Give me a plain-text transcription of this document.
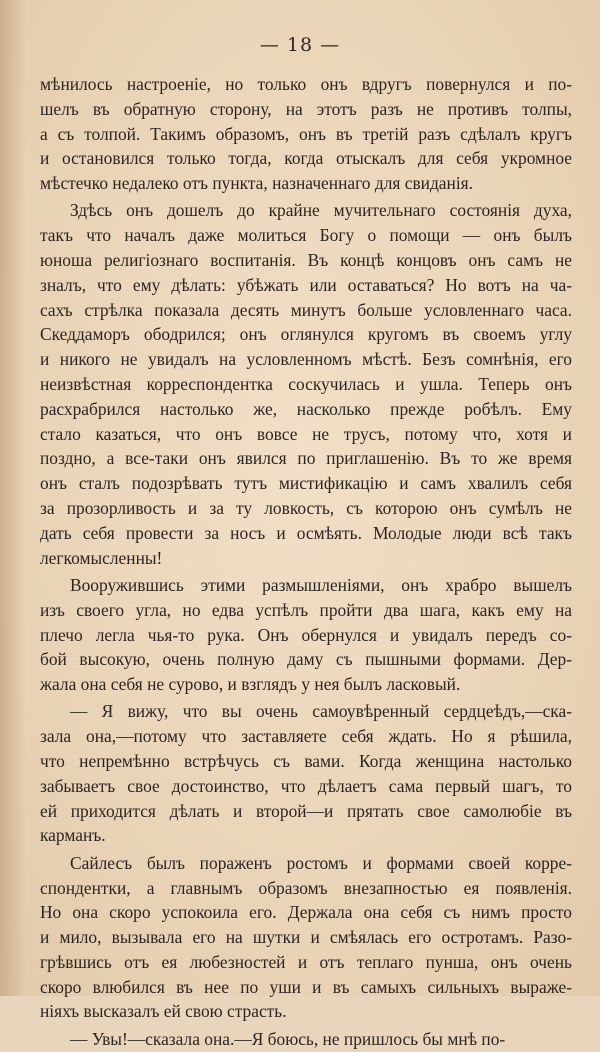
— 18 —
мѣнилось настроеніе, но только онъ вдругъ повернулся и по-
шелъ въ обратную сторону, на этотъ разъ не противъ толпы,
а съ толпой. Такимъ образомъ, онъ въ третій разъ сдѣлалъ кругъ
и остановился только тогда, когда отыскалъ для себя укромное
мѣстечко недалеко отъ пункта, назначеннаго для свиданія.
Здѣсь онъ дошелъ до крайне мучительнаго состоянія духа,
такъ что началъ даже молиться Богу о помощи — онъ былъ
юноша религіознаго воспитанія. Въ концѣ концовъ онъ самъ не
зналъ, что ему дѣлать: убѣжать или оставаться? Но вотъ на ча-
сахъ стрѣлка показала десять минутъ больше условленнаго часа.
Скеддаморъ ободрился; онъ оглянулся кругомъ въ своемъ углу
и никого не увидалъ на условленномъ мѣстѣ. Безъ сомнѣнія, его
неизвѣстная корреспондентка соскучилась и ушла. Теперь онъ
расхрабрился настолько же, насколько прежде робѣлъ. Ему
стало казаться, что онъ вовсе не трусъ, потому что, хотя и
поздно, а все-таки онъ явился по приглашенію. Въ то же время
онъ сталъ подозрѣвать тутъ мистификацію и самъ хвалилъ себя
за прозорливость и за ту ловкость, съ которою онъ сумѣлъ не
дать себя провести за носъ и осмѣять. Молодые люди всѣ такъ
легкомысленны!
Вооружившись этими размышленіями, онъ храбро вышелъ
изъ своего угла, но едва успѣлъ пройти два шага, какъ ему на
плечо легла чья-то рука. Онъ обернулся и увидалъ передъ со-
бой высокую, очень полную даму съ пышными формами. Дер-
жала она себя не сурово, и взглядъ у нея былъ ласковый.
— Я вижу, что вы очень самоувѣренный сердцеѣдъ,—ска-
зала она,—потому что заставляете себя ждать. Но я рѣшила,
что непремѣнно встрѣчусь съ вами. Когда женщина настолько
забываетъ свое достоинство, что дѣлаетъ сама первый шагъ, то
ей приходится дѣлать и второй—и прятать свое самолюбіе въ
карманъ.
Сайлесъ былъ пораженъ ростомъ и формами своей корре-
спондентки, а главнымъ образомъ внезапностью ея появленія.
Но она скоро успокоила его. Держала она себя съ нимъ просто
и мило, вызывала его на шутки и смѣялась его остротамъ. Разо-
грѣвшись отъ ея любезностей и отъ теплаго пунша, онъ очень
скоро влюбился въ нее по уши и въ самыхъ сильныхъ выраже-
ніяхъ высказалъ ей свою страсть.
— Увы!—сказала она.—Я боюсь, не пришлось бы мнѣ по-
